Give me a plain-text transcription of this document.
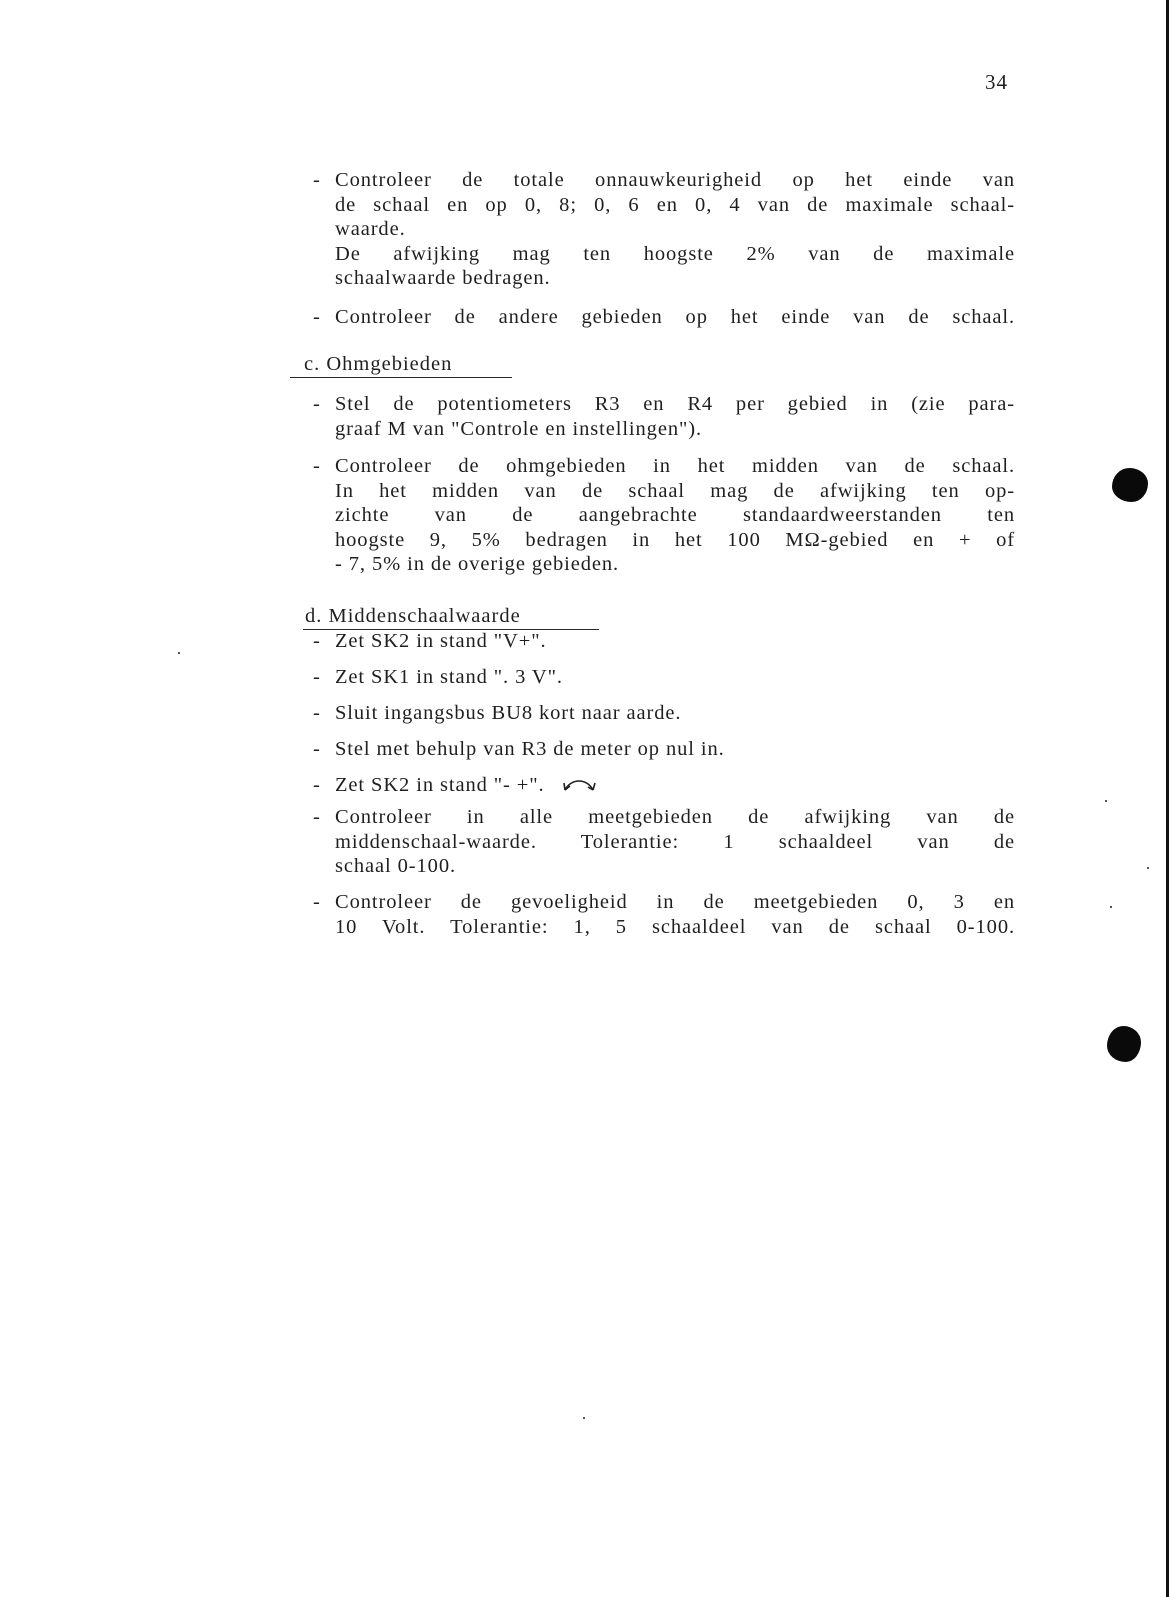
34
- Controleer de totale onnauwkeurigheid op het einde van
de schaal en op 0, 8; 0, 6 en 0, 4 van de maximale schaal-
waarde.
De afwijking mag ten hoogste 2% van de maximale
schaalwaarde bedragen.
- Controleer de andere gebieden op het einde van de schaal.
c. Ohmgebieden
- Stel de potentiometers R3 en R4 per gebied in (zie para-
graaf M van "Controle en instellingen").
- Controleer de ohmgebieden in het midden van de schaal.
In het midden van de schaal mag de afwijking ten op-
zichte van de aangebrachte standaardweerstanden ten
hoogste 9, 5% bedragen in het 100 MΩ-gebied en + of
- 7, 5% in de overige gebieden.
d. Middenschaalwaarde
- Zet SK2 in stand "V+".
- Zet SK1 in stand ". 3 V".
- Sluit ingangsbus BU8 kort naar aarde.
- Stel met behulp van R3 de meter op nul in.
- Zet SK2 in stand "- +".
- Controleer in alle meetgebieden de afwijking van de
middenschaal-waarde. Tolerantie: 1 schaaldeel van de
schaal 0-100.
- Controleer de gevoeligheid in de meetgebieden 0, 3 en
10 Volt. Tolerantie: 1, 5 schaaldeel van de schaal 0-100.
